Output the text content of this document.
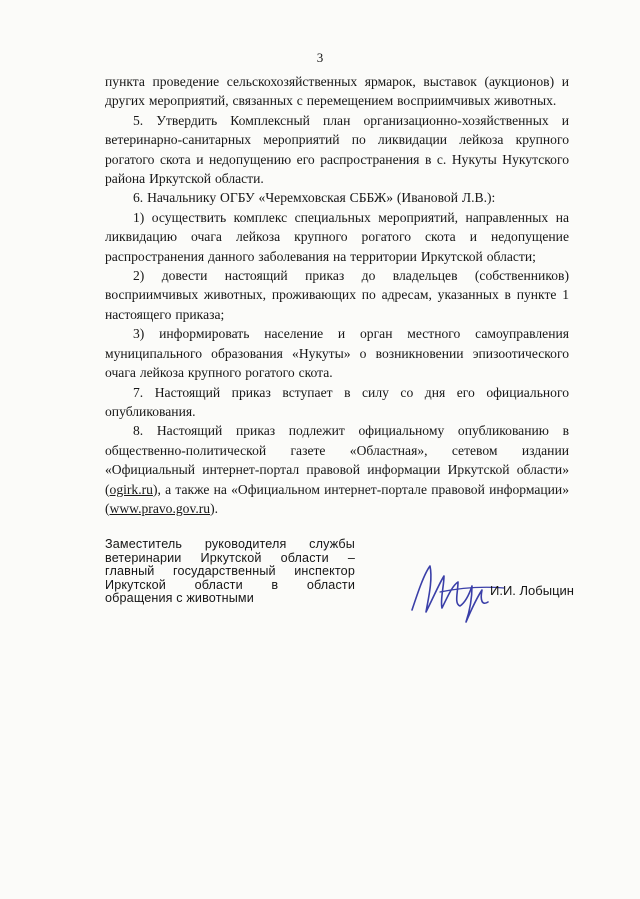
3

пункта проведение сельскохозяйственных ярмарок, выставок (аукционов) и других мероприятий, связанных с перемещением восприимчивых животных.

5. Утвердить Комплексный план организационно-хозяйственных и ветеринарно-санитарных мероприятий по ликвидации лейкоза крупного рогатого скота и недопущению его распространения в с. Нукуты Нукутского района Иркутской области.

6. Начальнику ОГБУ «Черемховская СББЖ» (Ивановой Л.В.):

1) осуществить комплекс специальных мероприятий, направленных на ликвидацию очага лейкоза крупного рогатого скота и недопущение распространения данного заболевания на территории Иркутской области;

2) довести настоящий приказ до владельцев (собственников) восприимчивых животных, проживающих по адресам, указанных в пункте 1 настоящего приказа;

3) информировать население и орган местного самоуправления муниципального образования «Нукуты» о возникновении эпизоотического очага лейкоза крупного рогатого скота.

7. Настоящий приказ вступает в силу со дня его официального опубликования.

8. Настоящий приказ подлежит официальному опубликованию в общественно-политической газете «Областная», сетевом издании «Официальный интернет-портал правовой информации Иркутской области» (ogirk.ru), а также на «Официальном интернет-портале правовой информации» (www.pravo.gov.ru).

Заместитель руководителя службы
ветеринарии Иркутской области –
главный государственный инспектор
Иркутской области в области
обращения с животными
И.И. Лобыцин
